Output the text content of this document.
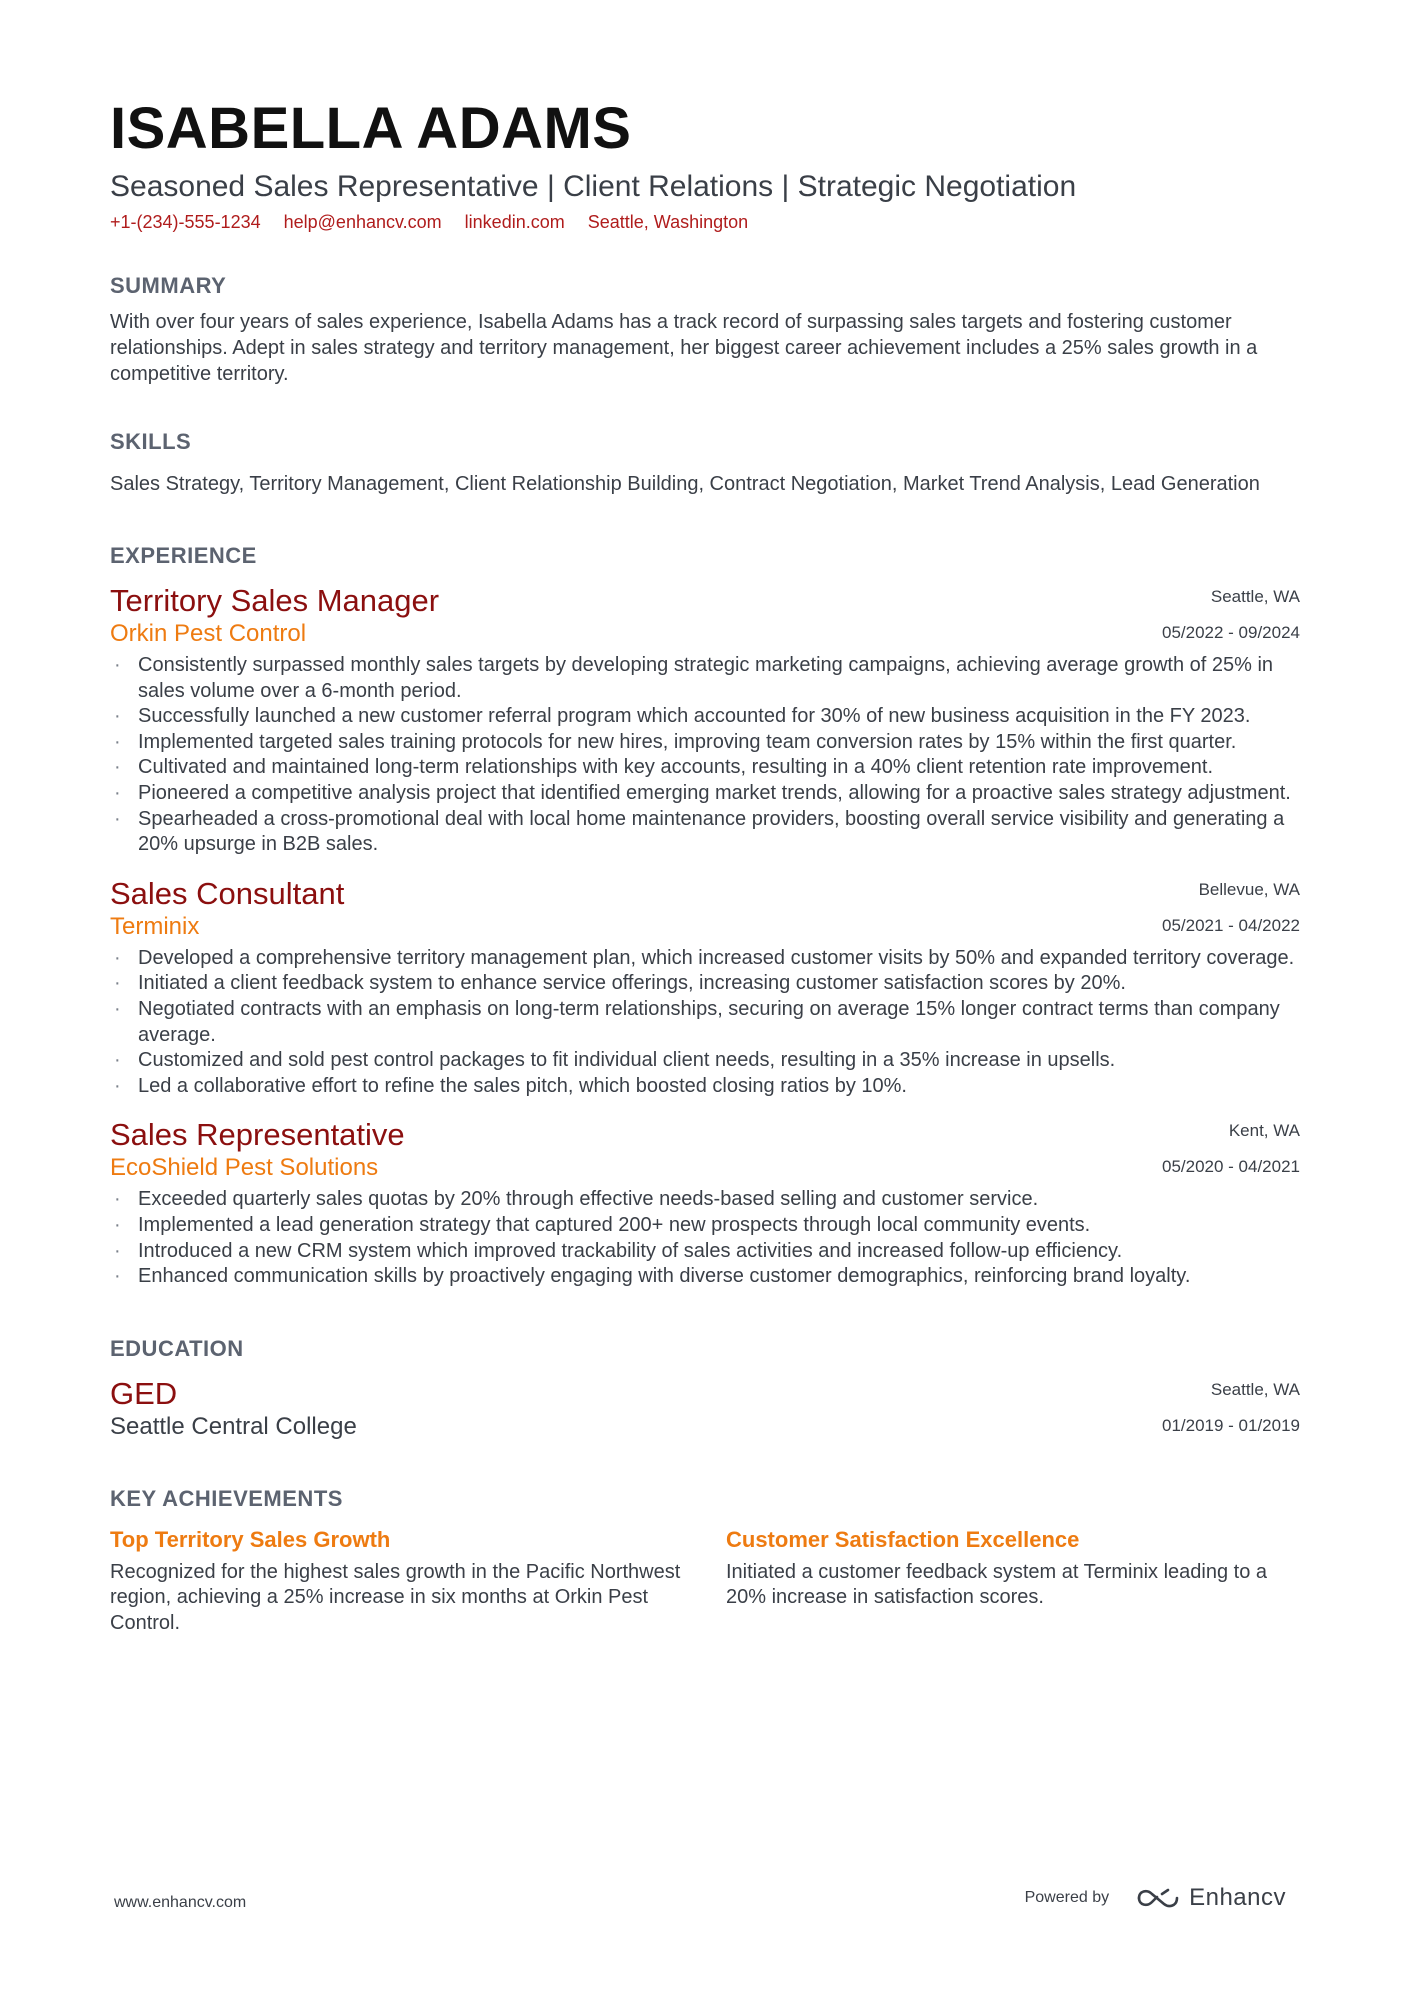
ISABELLA ADAMS
Seasoned Sales Representative | Client Relations | Strategic Negotiation
+1-(234)-555-1234 help@enhancv.com linkedin.com Seattle, Washington
SUMMARY
With over four years of sales experience, Isabella Adams has a track record of surpassing sales targets and fostering customer relationships. Adept in sales strategy and territory management, her biggest career achievement includes a 25% sales growth in a competitive territory.
SKILLS
Sales Strategy, Territory Management, Client Relationship Building, Contract Negotiation, Market Trend Analysis, Lead Generation
EXPERIENCE
Territory Sales Manager
Orkin Pest Control
Seattle, WA
05/2022 - 09/2024
· Consistently surpassed monthly sales targets by developing strategic marketing campaigns, achieving average growth of 25% in sales volume over a 6-month period.
· Successfully launched a new customer referral program which accounted for 30% of new business acquisition in the FY 2023.
· Implemented targeted sales training protocols for new hires, improving team conversion rates by 15% within the first quarter.
· Cultivated and maintained long-term relationships with key accounts, resulting in a 40% client retention rate improvement.
· Pioneered a competitive analysis project that identified emerging market trends, allowing for a proactive sales strategy adjustment.
· Spearheaded a cross-promotional deal with local home maintenance providers, boosting overall service visibility and generating a 20% upsurge in B2B sales.
Sales Consultant
Terminix
Bellevue, WA
05/2021 - 04/2022
· Developed a comprehensive territory management plan, which increased customer visits by 50% and expanded territory coverage.
· Initiated a client feedback system to enhance service offerings, increasing customer satisfaction scores by 20%.
· Negotiated contracts with an emphasis on long-term relationships, securing on average 15% longer contract terms than company average.
· Customized and sold pest control packages to fit individual client needs, resulting in a 35% increase in upsells.
· Led a collaborative effort to refine the sales pitch, which boosted closing ratios by 10%.
Sales Representative
EcoShield Pest Solutions
Kent, WA
05/2020 - 04/2021
· Exceeded quarterly sales quotas by 20% through effective needs-based selling and customer service.
· Implemented a lead generation strategy that captured 200+ new prospects through local community events.
· Introduced a new CRM system which improved trackability of sales activities and increased follow-up efficiency.
· Enhanced communication skills by proactively engaging with diverse customer demographics, reinforcing brand loyalty.
EDUCATION
GED
Seattle Central College
Seattle, WA
01/2019 - 01/2019
KEY ACHIEVEMENTS
Top Territory Sales Growth
Recognized for the highest sales growth in the Pacific Northwest region, achieving a 25% increase in six months at Orkin Pest Control.
Customer Satisfaction Excellence
Initiated a customer feedback system at Terminix leading to a 20% increase in satisfaction scores.
www.enhancv.com	Powered by	Enhancv
